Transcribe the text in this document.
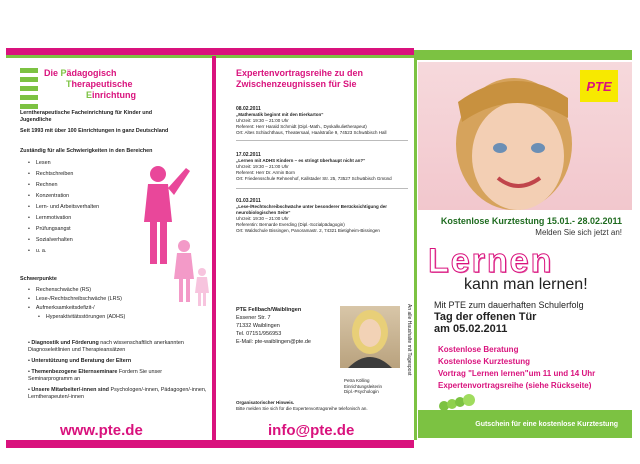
Die Pädagogisch
Therapeutische
Einrichtung
Lerntherapeutische Facheinrichtung für Kinder und Jugendliche
Seit 1993 mit über 100 Einrichtungen in ganz Deutschland
Zuständig für alle Schwierigkeiten in den Bereichen
• Lesen
• Rechtschreiben
• Rechnen
• Konzentration
• Lern- und Arbeitsverhalten
• Lernmotivation
• Prüfungsangst
• Sozialverhalten
• u. a.
Schwerpunkte
• Rechenschwäche (RS)
• Lese-/Rechtschreibschwäche (LRS)
• Aufmerksamkeitsdefizit-/
• Hyperaktivitätsstörungen (ADHS)
• Diagnostik und Förderung nach wissenschaftlich anerkannten Diagnoseleitlinien und Therapieansätzen
• Unterstützung und Beratung der Eltern
• Themenbezogene Elternseminare Fordern Sie unser Seminarprogramm an
• Unsere Mitarbeiter/-innen sind Psychologen/-innen, Pädagogen/-innen, Lerntherapeuten/-innen
www.pte.de
Expertenvortragsreihe zu den Zwischenzeugnissen für Sie
08.02.2011
„Mathematik beginnt mit den Eierkarton“
Uhrzeit: 19:30 – 21:00 Uhr
Referent: Herr Harald Schmidt (Dipl.-Math., Dyskalkulietherapeut)
Ort: Altes Schlachthaus, Theatersaal, Haalstraße 9, 74523 Schwäbisch Hall
17.02.2011
„Lernen mit ADHS Kindern – es stringt überhaupt nicht an?“
Uhrzeit: 19:30 – 21:00 Uhr
Referent: Herr Dr. Armin Born
Ort: Friedensschule Rehnenhof, Kallstader Str. 25, 73527 Schwäbisch Gmünd
01.03.2011
„Lese-/Rechtschreibschwäche unter besonderer Berücksichtigung der neurobiologischen Seite“
Uhrzeit: 19:30 – 21:00 Uhr
Referentin: Bernarde Everding (Dipl.-Sozialpädagogin)
Ort: Waldschule Bissingen, Panoramastr. 2, 74321 Bietigheim-Bissingen
PTE Fellbach/Waiblingen
Essener Str. 7
71332 Waiblingen
Tel. 07151/956953
E-Mail: pte-waiblingen@pte.de
Petra Kölling
Einrichtungsleiterin
Dipl.-Psychologin
An alle Haushalte mit Tagespost
Organisatorischer Hinweis.
Bitte melden Sie sich für die Expertenvortragsreihe telefonisch an.
info@pte.de
PTE
Kostenlose Kurztestung 15.01.- 28.02.2011
Melden Sie sich jetzt an!
Lernen
kann man lernen!
Mit PTE zum dauerhaften Schulerfolg
Tag der offenen Tür
am 05.02.2011
Kostenlose Beratung
Kostenlose Kurztestung
Vortrag "Lernen lernen"um 11 und 14 Uhr
Expertenvortragsreihe (siehe Rückseite)
Gutschein für eine kostenlose Kurztestung
